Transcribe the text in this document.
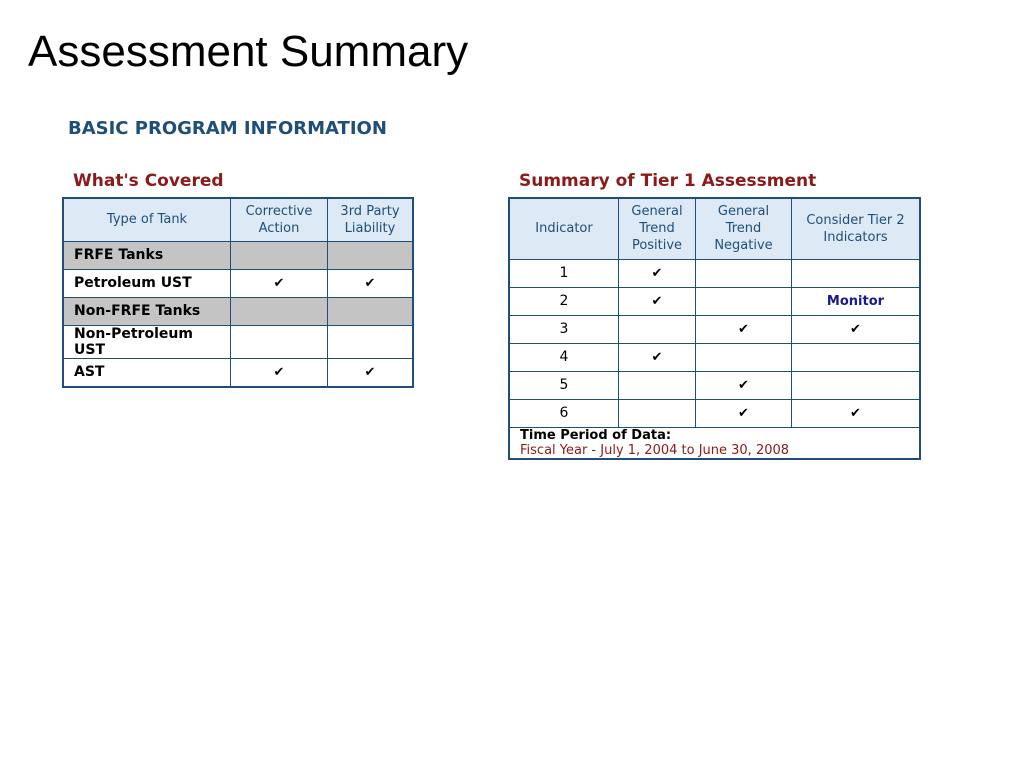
Assessment Summary
BASIC PROGRAM INFORMATION
What's Covered
Type of Tank	Corrective Action	3rd Party Liability
FRFE Tanks		
Petroleum UST	✔	✔
Non-FRFE Tanks		
Non-Petroleum UST		
AST	✔	✔
Summary of Tier 1 Assessment
Indicator	General Trend Positive	General Trend Negative	Consider Tier 2 Indicators
1	✔		
2	✔		Monitor
3		✔	✔
4	✔		
5		✔	
6		✔	✔

Time Period of Data:
Fiscal Year - July 1, 2004 to June 30, 2008			
